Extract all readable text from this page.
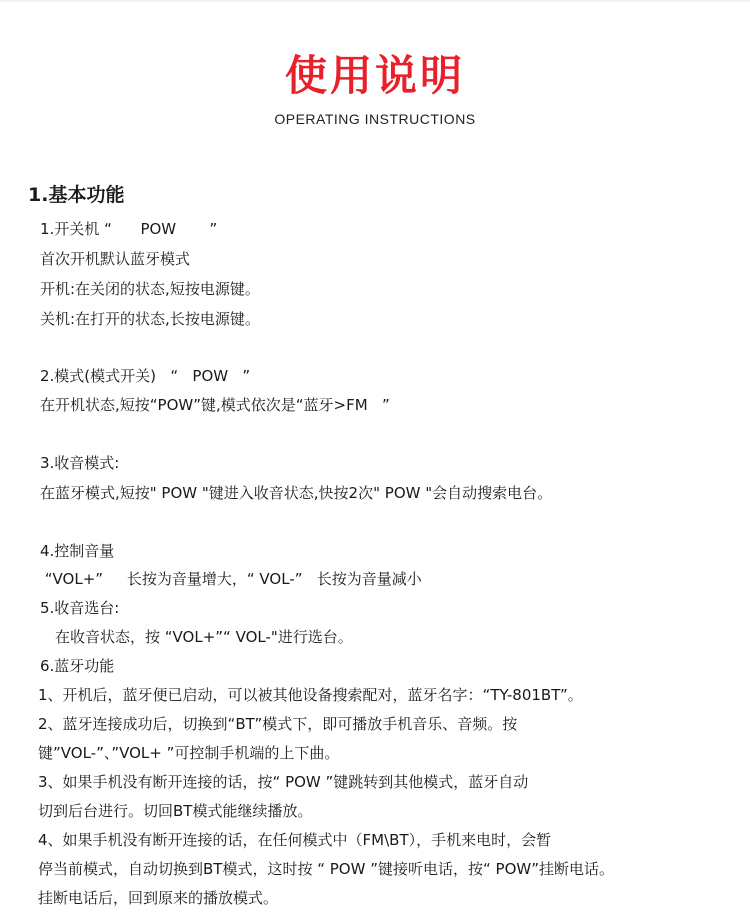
使用说明
OPERATING INSTRUCTIONS
1.基本功能
1.开关机 “      POW       ”
首次开机默认蓝牙模式
开机:在关闭的状态,短按电源键。
关机:在打开的状态,长按电源键。
2.模式(模式开关)   “   POW   ”
在开机状态,短按“POW”键,模式依次是“蓝牙>FM   ”
3.收音模式:
在蓝牙模式,短按" POW "键进入收音状态,快按2次" POW "会自动搜索电台。
4.控制音量
“VOL+”     长按为音量增大，“ VOL-”   长按为音量减小
5.收音选台:
在收音状态，按 “VOL+”“ VOL-"进行选台。
6.蓝牙功能
1、开机后，蓝牙便已启动，可以被其他设备搜索配对，蓝牙名字：“TY-801BT”。
2、蓝牙连接成功后，切换到“BT”模式下，即可播放手机音乐、音频。按
键”VOL-”、”VOL+ ”可控制手机端的上下曲。
3、如果手机没有断开连接的话，按“ POW ”键跳转到其他模式，蓝牙自动
切到后台进行。切回BT模式能继续播放。
4、如果手机没有断开连接的话，在任何模式中（FM\BT），手机来电时，会暂
停当前模式，自动切换到BT模式，这时按 “ POW ”键接听电话，按“ POW”挂断电话。
挂断电话后，回到原来的播放模式。
